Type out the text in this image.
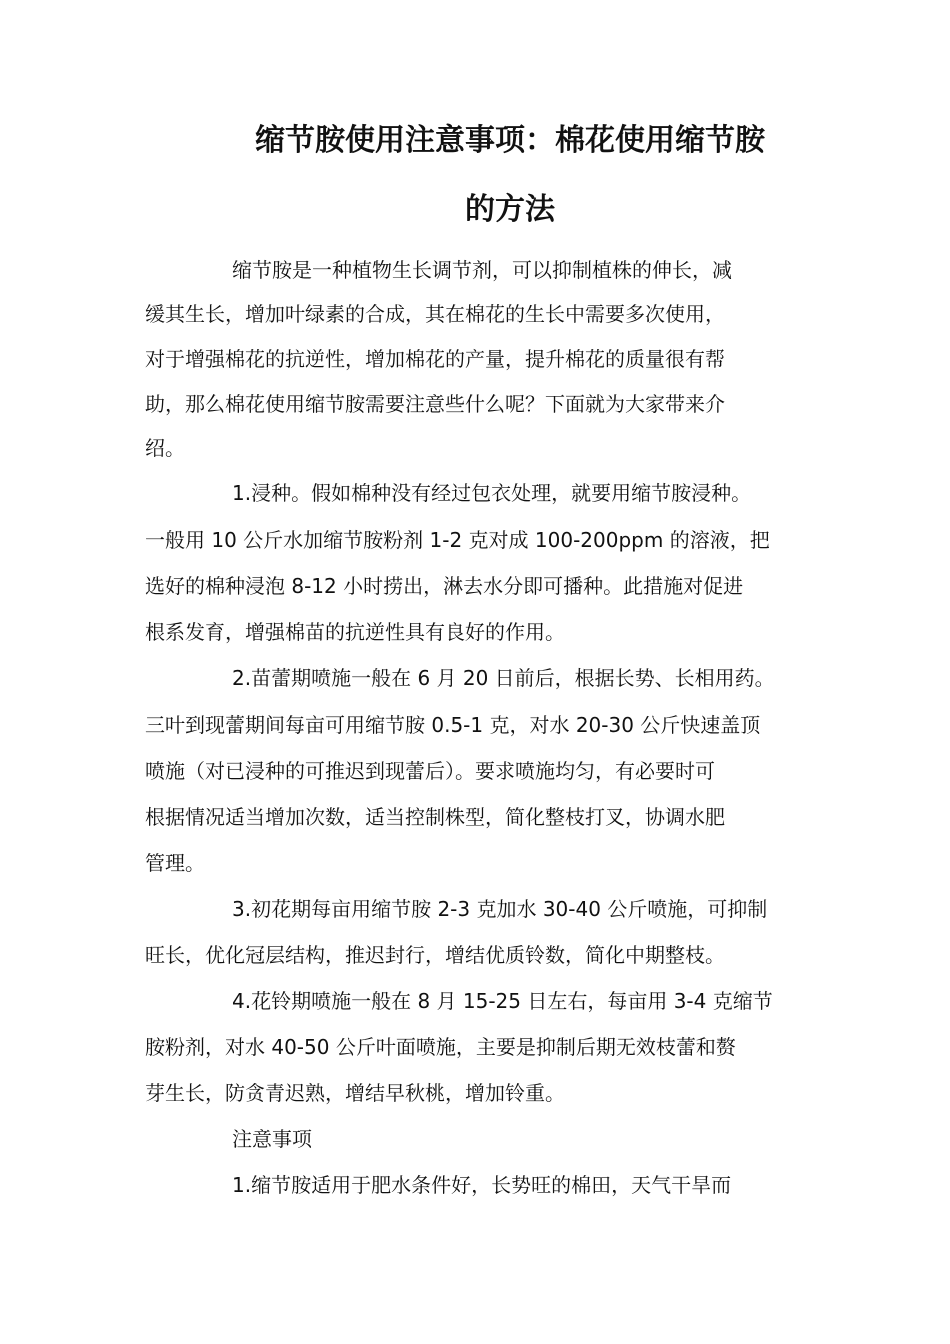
缩节胺使用注意事项：棉花使用缩节胺
的方法
缩节胺是一种植物生长调节剂，可以抑制植株的伸长，减
缓其生长，增加叶绿素的合成，其在棉花的生长中需要多次使用，
对于增强棉花的抗逆性，增加棉花的产量，提升棉花的质量很有帮
助，那么棉花使用缩节胺需要注意些什么呢？下面就为大家带来介
绍。
1.浸种。假如棉种没有经过包衣处理，就要用缩节胺浸种。
一般用 10 公斤水加缩节胺粉剂 1-2 克对成 100-200ppm 的溶液，把
选好的棉种浸泡 8-12 小时捞出，淋去水分即可播种。此措施对促进
根系发育，增强棉苗的抗逆性具有良好的作用。
2.苗蕾期喷施一般在 6 月 20 日前后，根据长势、长相用药。
三叶到现蕾期间每亩可用缩节胺 0.5-1 克，对水 20-30 公斤快速盖顶
喷施（对已浸种的可推迟到现蕾后）。要求喷施均匀，有必要时可
根据情况适当增加次数，适当控制株型，简化整枝打叉，协调水肥
管理。
3.初花期每亩用缩节胺 2-3 克加水 30-40 公斤喷施，可抑制
旺长，优化冠层结构，推迟封行，增结优质铃数，简化中期整枝。
4.花铃期喷施一般在 8 月 15-25 日左右，每亩用 3-4 克缩节
胺粉剂，对水 40-50 公斤叶面喷施，主要是抑制后期无效枝蕾和赘
芽生长，防贪青迟熟，增结早秋桃，增加铃重。
注意事项
1.缩节胺适用于肥水条件好，长势旺的棉田，天气干旱而
